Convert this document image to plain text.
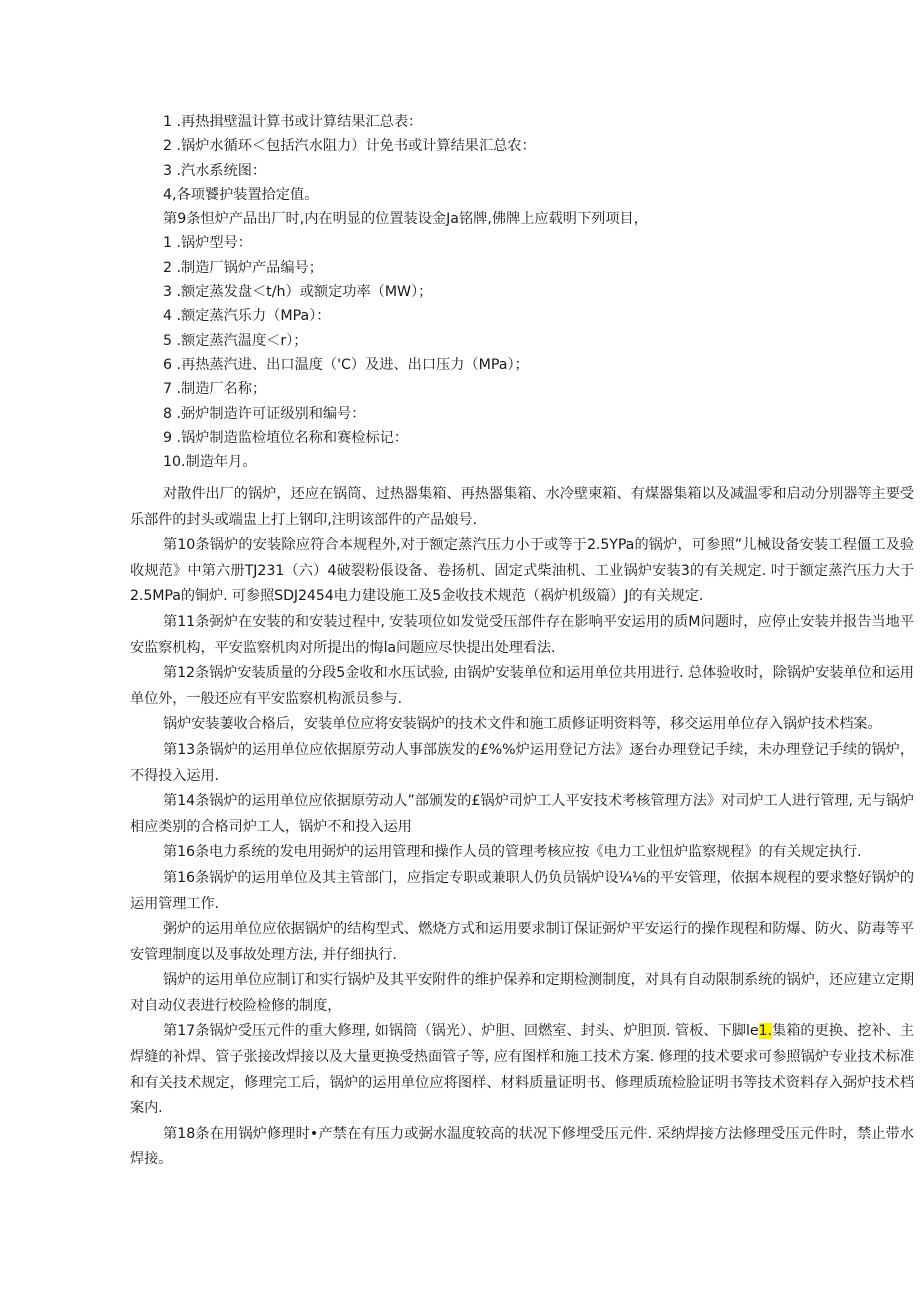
1 .再热揖壁温计算书或计算结果汇总表：
2 .锅炉水循环＜包括汽水阻力）计免书或计算结果汇总农：
3 .汽水系统图：
4,各项饕护装置拾定值。
第9条怛炉产品出厂时,内在明显的位置装设金Ja铭牌,佛牌上应载明下列项目，
1 .锅炉型号：
2 .制造厂锅炉产品编号；
3 .额定蒸发盘＜t/h）或额定功率（MW）；
4 .额定蒸汽乐力（MPa）：
5 .额定蒸汽温度＜r）；
6 .再热蒸汽进、出口温度（'C）及进、出口压力（MPa）；
7 .制造厂名称；
8 .弼炉制造许可证级别和编号：
9 .锅炉制造监检埴位名称和赛检标记：
10.制造年月。

对散件出厂的锅炉，还应在锅筒、过热器集箱、再热器集箱、水冷壁柬箱、有煤器集箱以及减温零和启动分別器等主要受乐部件的封头或端盅上打上钢印,注明该部件的产品娘号.

第10条锅炉的安装除应符合本规程外,对于额定蒸汽压力小于或等于2.5YPa的锅炉，可参照”儿械设备安装工程僵工及验收规范》中第六册TJ231（六）4破裂粉倀设备、卷扬机、固定式柴油机、工业锅炉安装3的有关规定. 吋于额定蒸汽压力大于2.5MPa的铜炉. 可参照SDJ2454电力建设施工及5金收技术规范（祸炉机级篇）J的有关规定.

第11条弼炉在安装的和安装过程中, 安装项位如发觉受压部件存在影响平安运用的质M问题时，应停止安装并报告当地平安监察机构，平安监察机肉对所提出的悔la问题应尽快提出处理看法.

第12条锅炉安装质量的分段5金收和水压试验, 由锅炉安装单位和运用单位共用进行. 总体验收时，除锅炉安装单位和运用单位外，一般还应有平安监察机构派员参与.

锅炉安装萋收合格后，安装单位应将安装锅炉的技术文件和施工质修证明资料等，移交运用单位存入锅炉技术档案。

第13条锅炉的运用单位应依据原劳动人事部族发的£%%炉运用登记方法》逐台办理登记手续，未办理登记手续的锅炉，不得投入运用.

第14条锅炉的运用单位应依据原劳动人”部颁发的£锅炉司炉工人平安技术考核管理方法》对司炉工人进行管理, 无与锅炉相应类别的合格司炉工人，锅炉不和投入运用

第16条电力系统的发电用弼炉的运用管理和操作人员的管理考核应按《电力工业忸炉监察规程》的有关规定执行.

第16条锅炉的运用单位及其主管部门，应指定专职或兼职人仍负员锅炉设¼⅛的平安管理，依据本规程的要求整好锅炉的运用管理工作.

粥炉的运用单位应依据锅炉的结构型式、燃烧方式和运用要求制订保证弼炉平安运行的操作现程和防爆、防火、防毒等平安管理制度以及事故处理方法, 并仔细执行.

锅炉的运用单位应制订和实行锅炉及其平安附件的维护保养和定期检测制度，对具有自动限制系统的锅炉，还应建立定期对自动仪表进行校险检修的制度，

第17条锅炉受压元件的重大修理, 如锅筒（锅光）、炉胆、回燃室、封头、炉胆顶. 管板、下脚le1.集箱的更换、挖补、主焊缝的补焊、管子张接改焊接以及大量更换受热面管子等, 应有图样和施工技术方案. 修理的技术要求可参照锅炉专业技术标准和有关技术规定，修理完工后，锅炉的运用单位应将图样、材料质量证明书、修理质琉检脸证明书等技术资料存入弼炉技术档案内.

第18条在用锅炉修理时•产禁在有压力或弼水温度较高的状况下修埋受压元件. 采纳焊接方法修理受压元件时，禁止带水焊接。
